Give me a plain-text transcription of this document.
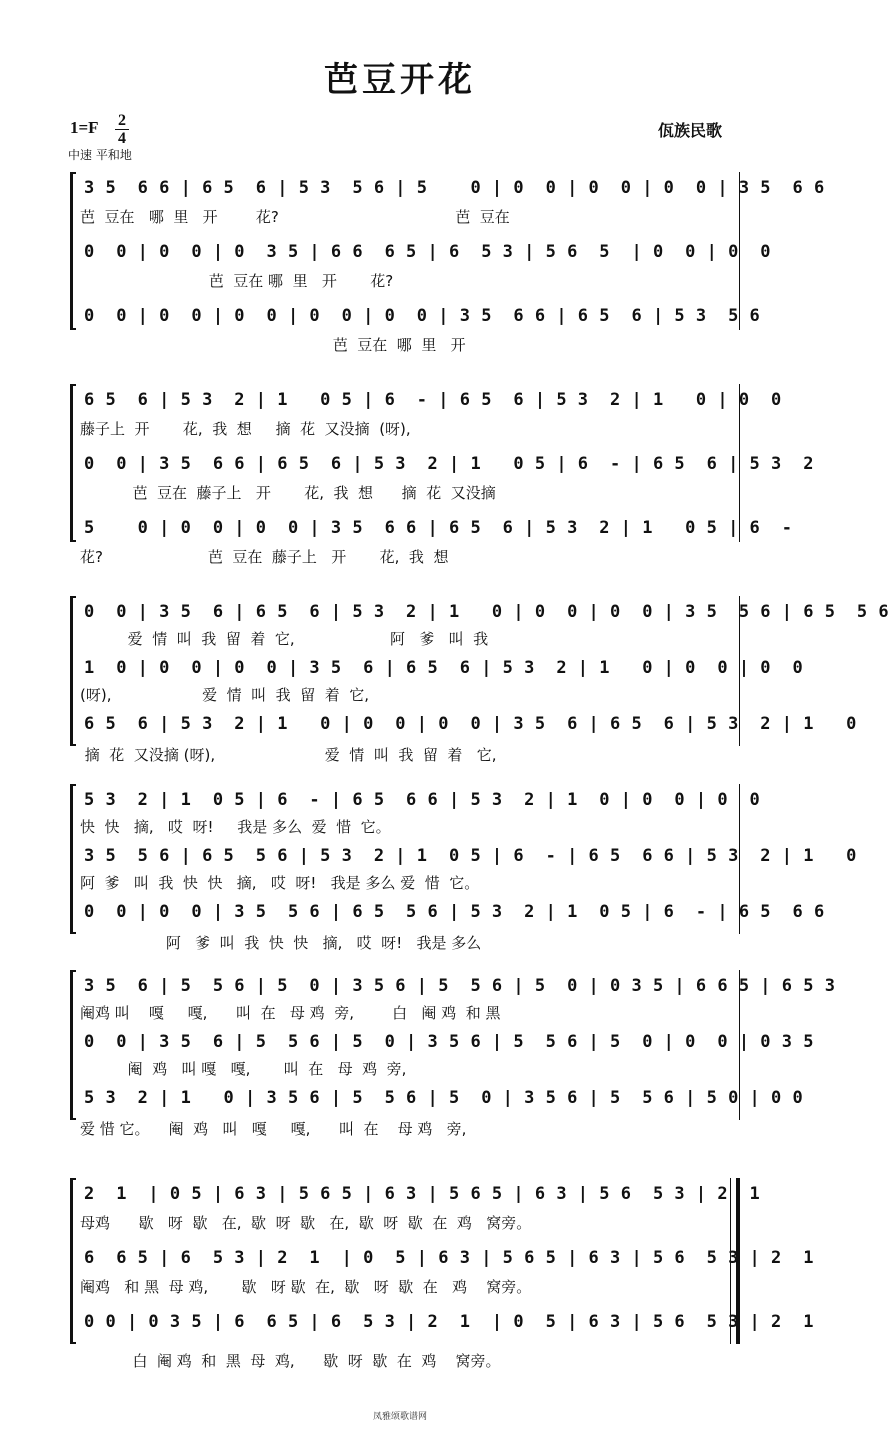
芭豆开花
1=F 2
4
中速 平和地
佤族民歌
3 5  6 6 | 6 5  6 | 5 3  5 6 | 5    0 | 0  0 | 0  0 | 0  0 | 3 5  6 6
芭  豆在   哪  里   开        花?                                     芭  豆在
0  0 | 0  0 | 0  3 5 | 6 6  6 5 | 6  5 3 | 5 6  5  | 0  0 | 0  0
芭  豆在 哪  里   开       花?
0  0 | 0  0 | 0  0 | 0  0 | 0  0 | 3 5  6 6 | 6 5  6 | 5 3  5 6
芭  豆在  哪  里   开
6 5  6 | 5 3  2 | 1   0 5 | 6  - | 6 5  6 | 5 3  2 | 1   0 | 0  0
藤子上  开       花,  我  想     摘  花  又没摘  (呀),
0  0 | 3 5  6 6 | 6 5  6 | 5 3  2 | 1   0 5 | 6  - | 6 5  6 | 5 3  2
芭  豆在  藤子上   开       花,  我  想      摘  花  又没摘
5    0 | 0  0 | 0  0 | 3 5  6 6 | 6 5  6 | 5 3  2 | 1   0 5 | 6  -
花?                      芭  豆在  藤子上   开       花,  我  想
0  0 | 3 5  6 | 6 5  6 | 5 3  2 | 1   0 | 0  0 | 0  0 | 3 5  5 6 | 6 5  5 6
爱  情  叫  我  留  着  它,                    阿   爹   叫  我
1  0 | 0  0 | 0  0 | 3 5  6 | 6 5  6 | 5 3  2 | 1   0 | 0  0 | 0  0
(呀),                   爱  情  叫  我  留  着  它,
6 5  6 | 5 3  2 | 1   0 | 0  0 | 0  0 | 3 5  6 | 6 5  6 | 5 3  2 | 1   0
摘  花  又没摘 (呀),                       爱  情  叫  我  留  着   它,
5 3  2 | 1  0 5 | 6  - | 6 5  6 6 | 5 3  2 | 1  0 | 0  0 | 0  0
快  快   摘,   哎  呀!     我是 多么  爱  惜  它。
3 5  5 6 | 6 5  5 6 | 5 3  2 | 1  0 5 | 6  - | 6 5  6 6 | 5 3  2 | 1   0
阿  爹   叫  我  快  快   摘,   哎  呀!   我是 多么 爱  惜  它。
0  0 | 0  0 | 3 5  5 6 | 6 5  5 6 | 5 3  2 | 1  0 5 | 6  - | 6 5  6 6
阿   爹  叫  我  快  快   摘,   哎  呀!   我是 多么
3 5  6 | 5  5 6 | 5  0 | 3 5 6 | 5  5 6 | 5  0 | 0 3 5 | 6 6 5 | 6 5 3
阉鸡 叫    嘎     嘎,      叫  在   母 鸡  旁,        白   阉 鸡  和 黑
0  0 | 3 5  6 | 5  5 6 | 5  0 | 3 5 6 | 5  5 6 | 5  0 | 0  0 | 0 3 5
阉  鸡   叫 嘎   嘎,       叫  在   母  鸡  旁,
5 3  2 | 1   0 | 3 5 6 | 5  5 6 | 5  0 | 3 5 6 | 5  5 6 | 5 0 | 0 0
爱 惜 它。    阉  鸡   叫   嘎     嘎,      叫  在    母 鸡   旁,
2  1  | 0 5 | 6 3 | 5 6 5 | 6 3 | 5 6 5 | 6 3 | 5 6  5 3 | 2  1
母鸡      歇   呀  歇   在,  歇  呀  歇   在,  歇  呀  歇  在  鸡   窝旁。
6  6 5 | 6  5 3 | 2  1  | 0  5 | 6 3 | 5 6 5 | 6 3 | 5 6  5 3 | 2  1
阉鸡   和 黑  母 鸡,       歇   呀 歇  在,  歇   呀  歇  在   鸡    窝旁。
0 0 | 0 3 5 | 6  6 5 | 6  5 3 | 2  1  | 0  5 | 6 3 | 5 6  5 3 | 2  1
白  阉 鸡  和  黑  母  鸡,      歇  呀  歇  在  鸡    窝旁。
凤雅颂歌谱网
